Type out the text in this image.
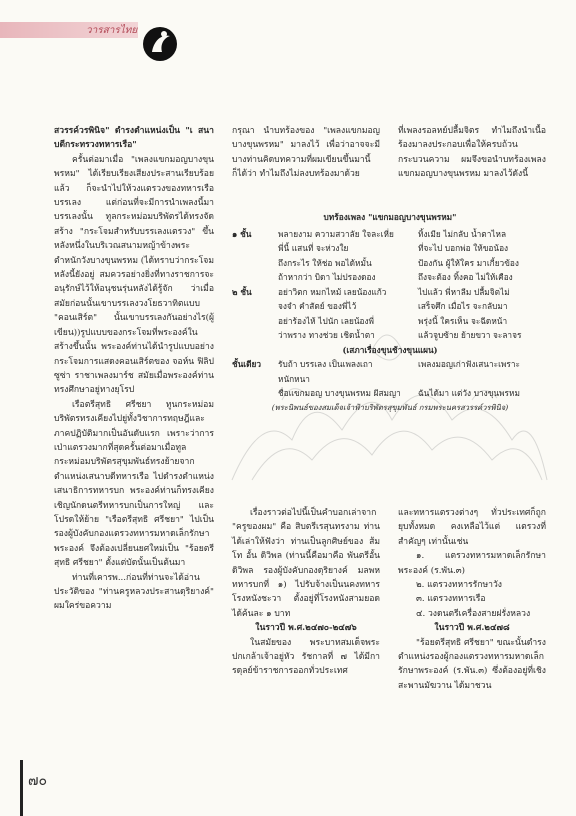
วารสารไทย

สวรรค์วรพินิจ" ดำรงตำแหน่งเป็น "เ สนาบดีกระทรวงทหารเรือ"

ครั้นต่อมาเมื่อ "เพลงแขกมอญบางขุนพรหม" ได้เรียบเรียงเสียงประสานเรียบร้อยแล้ว ก็จะนำไปให้วงแตรวงของทหารเรือบรรเลง แต่ก่อนที่จะมีการนำเพลงนี้มาบรรเลงนั้น ทูลกระหม่อมบริพัตรได้ทรงจัดสร้าง "กระโจมสำหรับบรรเลงแตรวง" ขึ้นหลังหนึ่งในบริเวณสนามหญ้าข้างพระตำหนักวังบางขุนพรหม (ได้ทราบว่ากระโจมหลังนี้ยังอยู่ สมควรอย่างยิ่งที่ทางราชการจะอนุรักษ์ไว้ให้อนุชนรุ่นหลังได้รู้จัก ว่าเมื่อสมัยก่อนนั้นเขาบรรเลงวงโยธวาทิตแบบ "คอนเสิร์ต" นั้นเขาบรรเลงกันอย่างไร(ผู้เขียน))รูปแบบของกระโจมที่พระองค์ในสร้างขึ้นนั้น พระองค์ท่านได้นำรูปแบบอย่าง กระโจมการแสดงคอนเสิร์ตของ จอห์น ฟิลิปซูซ่า ราชาเพลงมาร์ช สมัยเมื่อพระองค์ท่านทรงศึกษาอยู่ทางยุโรป

เรือตรีสุทธิ ศรีชยา ทูนกระหม่อมบริพัตรทรงเคียงไปยู่ทั้งวิชาการทฤษฎีและภาคปฏิบัติมากเป็นอันดับแรก เพราะว่าการเป่าแตรวงมากที่สุดครั้นต่อมาเมื่อทูลกระหม่อมบริพัตรสุขุมพันธ์ทรงย้ายจากตำแหน่งเสนาบดีทหารเรือ ไปดำรงตำแหน่งเสนาธิการทหารบก พระองค์ท่านก็ทรงเคียงเชิญนักดนตรีทหารบกเป็นการใหญ่ และโปรดให้ย้าย "เรือตรีสุทธิ ศรีชยา" ไปเป็นรองผู้บังคับกองแตรวงทหารมหาดเล็กรักษาพระองค์ จึงต้องเปลี่ยนยศใหม่เป็น "ร้อยตรีสุทธิ ศรีชยา" ตั้งแต่บัดนั้นเป็นต้นมา

ท่านที่เคารพ...ก่อนที่ท่านจะได้อ่านประวัติของ "ท่านครูหลวงประสานดุริยางค์" ผมใคร่ขอความ

กรุณา นำบทร้องของ "เพลงแขกมอญบางขุนพรหม" มาลงไว้ เพื่อว่าอาจจะมีบางท่านคิดบทความที่ผมเขียนขึ้นมานี้ก็ได้ว่า ทำไมถึงไม่ลงบทร้องมาด้วย

ที่เพลงรอลหย์ปลื้มจิตร ทำไมถึงนำเนื้อร้องมาลงประกอบเพื่อให้ครบถ้วนกระบวนความ ผมจึงขอนำบทร้องเพลงแขกมอญบางขุนพรหม มาลงไว้ดังนี้

บทร้องเพลง "แขกมอญบางขุนพรหม"
๑ ชั้น	พลายงาม ความสวาลัย ใจละเหี่ย	ทิ้งเมีย ไม่กลับ น้ำตาไหล
พี่นี้ แสนที่ จะห่วงใย	ที่จะไป บอกพ่อ ให้ขอน้อง
ถึงกระไร ให้ช่อ พอได้หมั้น	ป้องกัน ผู้ให้ใคร มาเกี้ยวข้อง
ถ้าหากว่า บิดา ไม่ปรองดอง	ถึงจะต้อง ทิ้งคอ ไม่ให้เคือง
๒ ชั้น	อย่าวิตก หมกไหม้ เลยน้องแก้ว	ไปแล้ว พี่หาลีม ปลื้มจิตไม่
จงจำ คำสัตย์ ของพี่ไว้	เสร็จศึก เมื่อไร จะกลับมา
อย่าร้องไห้ ไปนัก เลยน้องพี่	พรุ่งนี้ ใครเห็น จะฉีดหน้า
ว่าพราง ทางช่วย เชิดน้ำตา	แล้วจูบซ้าย ย้ายขวา จะลาจร
(เสภาเรื่องขุนช้างขุนแผน)
ชั้นเดียว	รับถ้า บรรเลง เป็นเพลงเถา	เพลงมอญเก่าฟังเสนาะเพราะ
หนักหนา
ชื่อแขกมอญ บางขุนพรหม ผีสมญา	ฉันได้มา แต่วัง บางขุนพรหม
(พระนิพนธ์ของสมเด็จเจ้าฟ้าบริพัตรสุขุมพันธ์ กรมพระนครสวรรค์วรพินิจ)

เรื่องราวต่อไปนี้เป็นคำบอกเล่าจาก "ครูของผม" คือ สิบตรีเรสุนทรงาม ท่านได้เล่าให้ฟังว่า ท่านเป็นลูกศิษย์ของ ส้มโท อั้น ดิวิพล (ท่านนี้คือมาคือ พันตรีอั้น ดิวิพล รองผู้บังคับกองดุริยางค์ มลพหทหารบกที่ ๑) ไปรับจ้างเป็นนคงทหารโรงหนังชะวา ตั้งอยู่ที่โรงหนังสามยอดได้ค้นละ ๑ บาท

ในราวปี พ.ศ.๒๔๗๐-๒๔๗๖

ในสมัยของ พระบาทสมเด็จพระปกเกล้าเจ้าอยู่หัว รัชกาลที่ ๗ ได้มีการดุลย์ข้าราชการออกทั่วประเทศ

และทหารแตรวงต่างๆ ทั่วประเทศก็ถูกยุบทั้งหมด คงเหลือไว้แต่ แตรวงที่สำคัญๆ เท่านั้นเช่น

๑. แตรวงทหารมหาดเล็กรักษาพระองค์ (ร.พัน.๓)

๒. แตรวงทหารรักษาวัง

๓. แตรวงทหารเรือ

๔. วงดนตรีเครื่องสายฝรั่งหลวง

ในราวปี พ.ศ.๒๔๗๘

"ร้อยตรีสุทธิ ศรีชยา" ขณะนั้นดำรงตำแหน่งรองผู้กองแตรวงทหารมหาดเล็กรักษาพระองค์ (ร.พัน.๓) ซึ่งต้องอยู่ที่เชิงสะพานมัฆวาน ได้มาชวน

๗๐
